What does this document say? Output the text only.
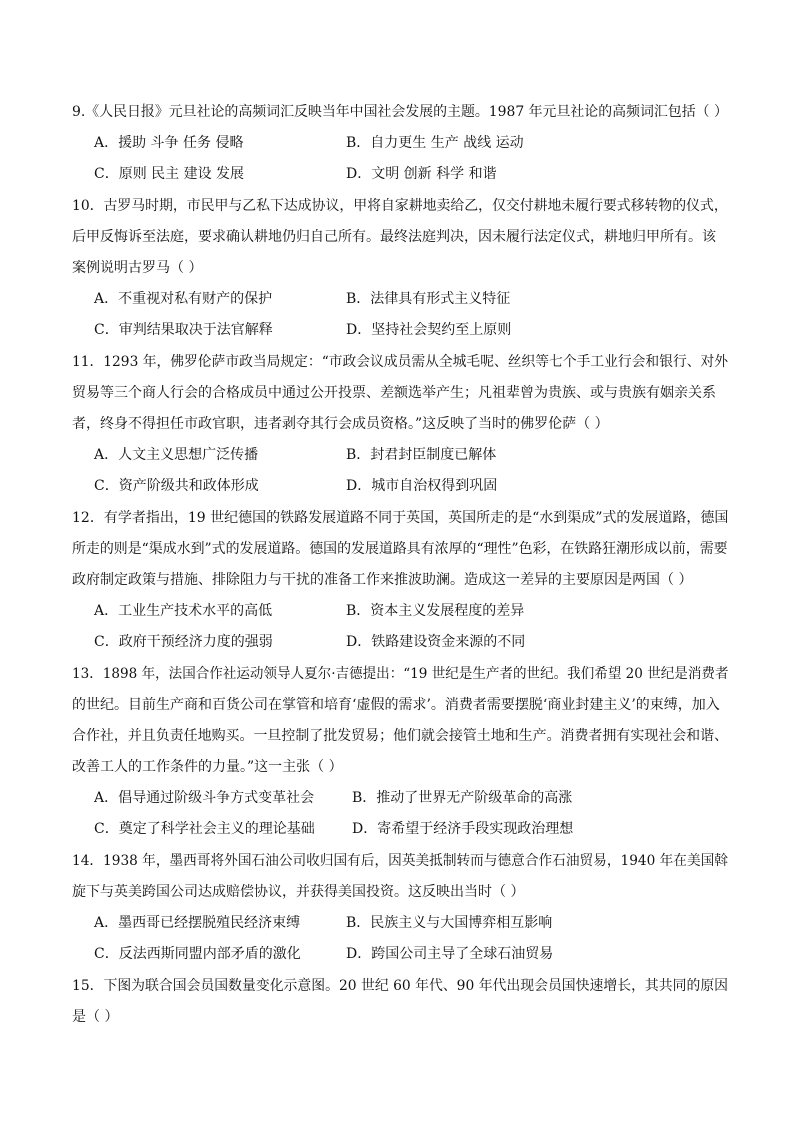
9.《人民日报》元旦社论的高频词汇反映当年中国社会发展的主题。1987 年元旦社论的高频词汇包括（ ）
A．援助 斗争 任务 侵略	B．自力更生 生产 战线 运动
C．原则 民主 建设 发展	D．文明 创新 科学 和谐
10．古罗马时期，市民甲与乙私下达成协议，甲将自家耕地卖给乙，仅交付耕地未履行要式移转物的仪式，
后甲反悔诉至法庭，要求确认耕地仍归自己所有。最终法庭判决，因未履行法定仪式，耕地归甲所有。该
案例说明古罗马（ ）
A．不重视对私有财产的保护	B．法律具有形式主义特征
C．审判结果取决于法官解释	D．坚持社会契约至上原则
11．1293 年，佛罗伦萨市政当局规定：“市政会议成员需从全城毛呢、丝织等七个手工业行会和银行、对外
贸易等三个商人行会的合格成员中通过公开投票、差额选举产生；凡祖辈曾为贵族、或与贵族有姻亲关系
者，终身不得担任市政官职，违者剥夺其行会成员资格。”这反映了当时的佛罗伦萨（ ）
A．人文主义思想广泛传播	B．封君封臣制度已解体
C．资产阶级共和政体形成	D．城市自治权得到巩固
12．有学者指出，19 世纪德国的铁路发展道路不同于英国，英国所走的是“水到渠成”式的发展道路，德国
所走的则是“渠成水到”式的发展道路。德国的发展道路具有浓厚的“理性”色彩，在铁路狂潮形成以前，需要
政府制定政策与措施、排除阻力与干扰的准备工作来推波助澜。造成这一差异的主要原因是两国（ ）
A．工业生产技术水平的高低	B．资本主义发展程度的差异
C．政府干预经济力度的强弱	D．铁路建设资金来源的不同
13．1898 年，法国合作社运动领导人夏尔·吉德提出：“19 世纪是生产者的世纪。我们希望 20 世纪是消费者
的世纪。目前生产商和百货公司在掌管和培育‘虚假的需求’。消费者需要摆脱‘商业封建主义’的束缚，加入
合作社，并且负责任地购买。一旦控制了批发贸易；他们就会接管土地和生产。消费者拥有实现社会和谐、
改善工人的工作条件的力量。”这一主张（ ）
A．倡导通过阶级斗争方式变革社会	B．推动了世界无产阶级革命的高涨
C．奠定了科学社会主义的理论基础	D．寄希望于经济手段实现政治理想
14．1938 年，墨西哥将外国石油公司收归国有后，因英美抵制转而与德意合作石油贸易，1940 年在美国斡
旋下与英美跨国公司达成赔偿协议，并获得美国投资。这反映出当时（ ）
A．墨西哥已经摆脱殖民经济束缚	B．民族主义与大国博弈相互影响
C．反法西斯同盟内部矛盾的激化	D．跨国公司主导了全球石油贸易
15．下图为联合国会员国数量变化示意图。20 世纪 60 年代、90 年代出现会员国快速增长，其共同的原因
是（ ）
